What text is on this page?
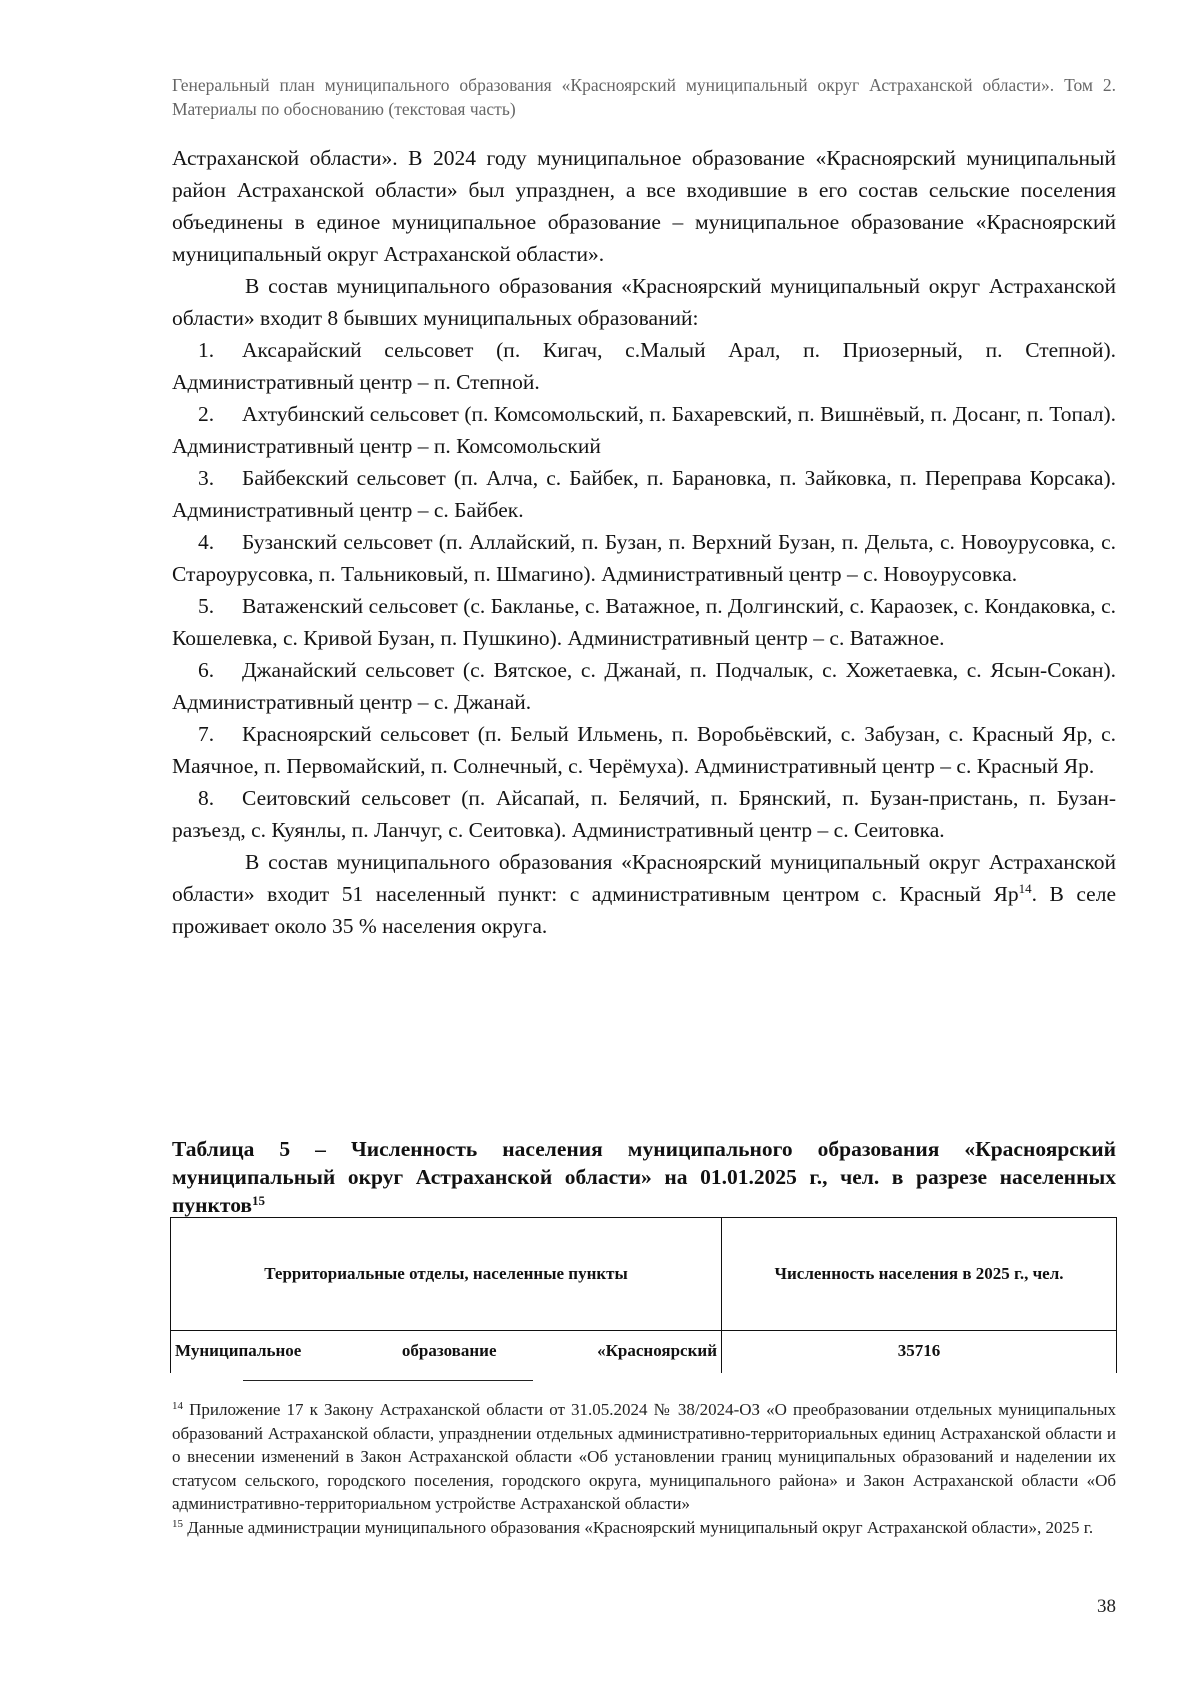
Генеральный план муниципального образования «Красноярский муниципальный округ Астраханской области». Том 2. Материалы по обоснованию (текстовая часть)

Астраханской области». В 2024 году муниципальное образование «Красноярский муниципальный район Астраханской области» был упразднен, а все входившие в его состав сельские поселения объединены в единое муниципальное образование – муниципальное образование «Красноярский муниципальный округ Астраханской области».

В состав муниципального образования «Красноярский муниципальный округ Астраханской области» входит 8 бывших муниципальных образований:

1. Аксарайский сельсовет (п. Кигач, с.Малый Арал, п. Приозерный, п. Степной). Административный центр – п. Степной.

2. Ахтубинский сельсовет (п. Комсомольский, п. Бахаревский, п. Вишнёвый, п. Досанг, п. Топал). Административный центр – п. Комсомольский

3. Байбекский сельсовет (п. Алча, с. Байбек, п. Барановка, п. Зайковка, п. Переправа Корсака). Административный центр – с. Байбек.

4. Бузанский сельсовет (п. Аллайский, п. Бузан, п. Верхний Бузан, п. Дельта, с. Новоурусовка, с. Староурусовка, п. Тальниковый, п. Шмагино). Административный центр – с. Новоурусовка.

5. Ватаженский сельсовет (с. Бакланье, с. Ватажное, п. Долгинский, с. Караозек, с. Кондаковка, с. Кошелевка, с. Кривой Бузан, п. Пушкино). Административный центр – с. Ватажное.

6. Джанайский сельсовет (с. Вятское, с. Джанай, п. Подчалык, с. Хожетаевка, с. Ясын-Сокан). Административный центр – с. Джанай.

7. Красноярский сельсовет (п. Белый Ильмень, п. Воробьёвский, с. Забузан, с. Красный Яр, с. Маячное, п. Первомайский, п. Солнечный, с. Черёмуха). Административный центр – с. Красный Яр.

8. Сеитовский сельсовет (п. Айсапай, п. Белячий, п. Брянский, п. Бузан-пристань, п. Бузан-разъезд, с. Куянлы, п. Ланчуг, с. Сеитовка). Административный центр – с. Сеитовка.

В состав муниципального образования «Красноярский муниципальный округ Астраханской области» входит 51 населенный пункт: с административным центром с. Красный $Яр^{14}$. В селе проживает около 35 % населения округа.

Таблица 5 – Численность населения муниципального образования «Красноярский муниципальный округ Астраханской области» на 01.01.2025 г., чел. в разрезе населенных пунктов$^{15}$
Территориальные отделы, населенные пункты	Численность населения в 2025 г., чел.

Муниципальное образование «Красноярский	35716

$^{14}$ Приложение 17 к Закону Астраханской области от 31.05.2024 № 38/2024-ОЗ «О преобразовании отдельных муниципальных образований Астраханской области, упразднении отдельных административно-территориальных единиц Астраханской области и о внесении изменений в Закон Астраханской области «Об установлении границ муниципальных образований и наделении их статусом сельского, городского поселения, городского округа, муниципального района» и Закон Астраханской области «Об административно-территориальном устройстве Астраханской области»

$^{15}$ Данные администрации муниципального образования «Красноярский муниципальный округ Астраханской области», 2025 г.

38
